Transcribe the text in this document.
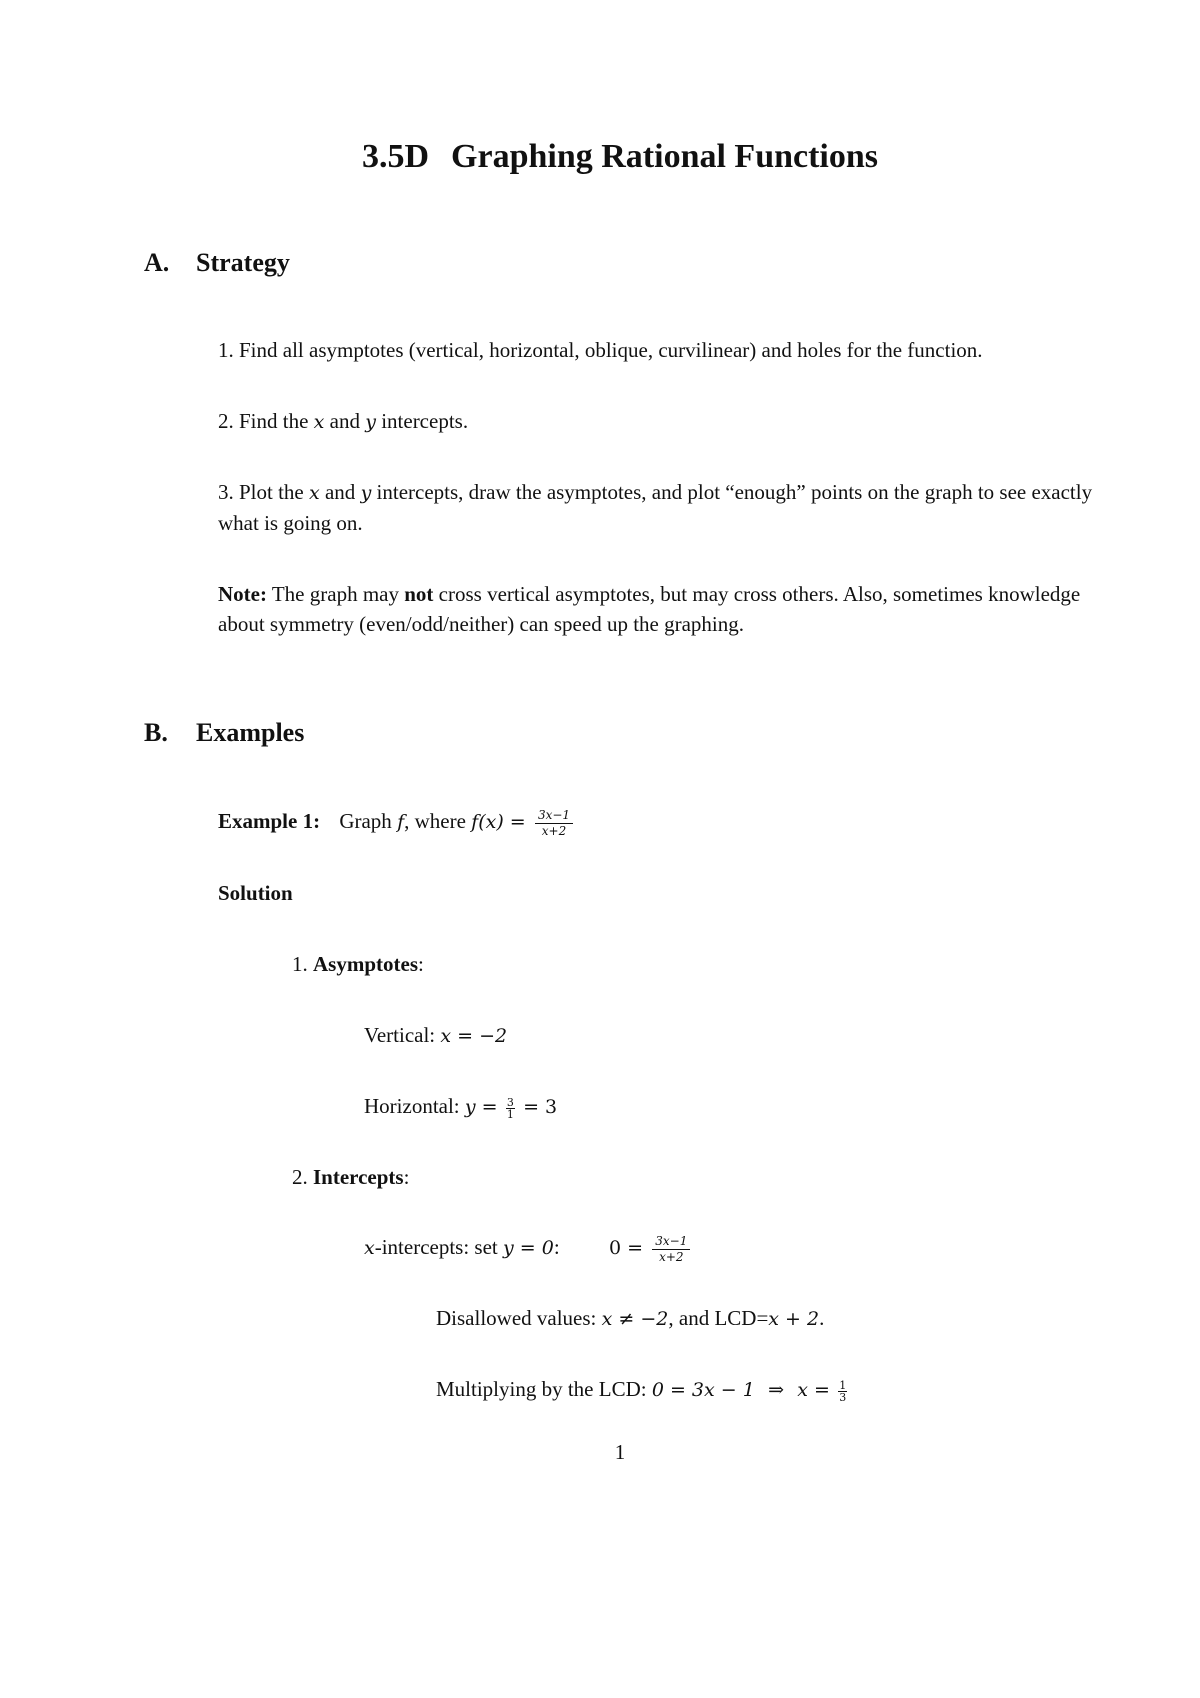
3.5D Graphing Rational Functions
A. Strategy
1. Find all asymptotes (vertical, horizontal, oblique, curvilinear) and holes for the function.
2. Find the x and y intercepts.
3. Plot the x and y intercepts, draw the asymptotes, and plot “enough” points on the graph to see exactly what is going on.
Note: The graph may not cross vertical asymptotes, but may cross others. Also, sometimes knowledge about symmetry (even/odd/neither) can speed up the graphing.
B. Examples
Example 1: Graph f, where $f(x) = \frac{3x-1}{x+2}$
Solution
1. Asymptotes:
Vertical: x = −2
Horizontal: $y = \frac{3}{1} = 3$
2. Intercepts:
x-intercepts: set y = 0:	$0 = \frac{3x-1}{x+2}$
Disallowed values: x ≠ −2, and LCD=x + 2.
Multiplying by the LCD: 0 = 3x − 1 ⇒ $x = \frac{1}{3}$
1
